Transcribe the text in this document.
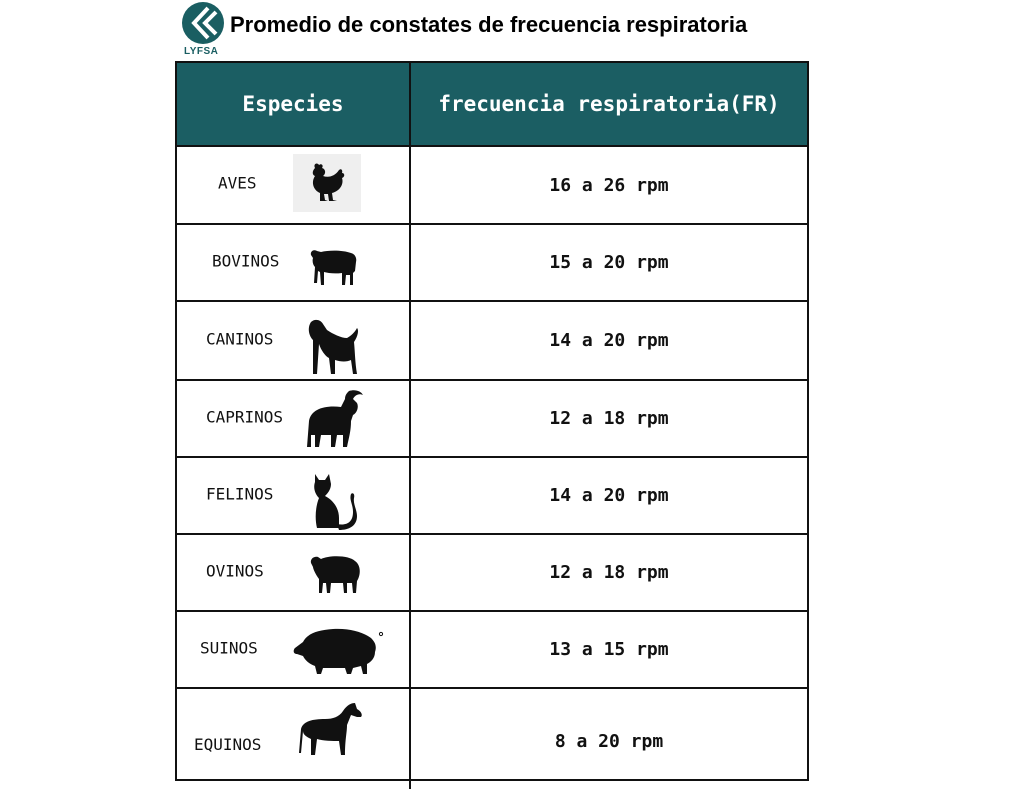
LYFSA
Promedio de constates de frecuencia respiratoria
Especies	frecuencia respiratoria(FR)
AVES	16 a 26 rpm
BOVINOS	15 a 20 rpm
CANINOS	14 a 20 rpm
CAPRINOS	12 a 18 rpm
FELINOS	14 a 20 rpm
OVINOS	12 a 18 rpm
SUINOS	13 a 15 rpm
EQUINOS	8 a 20 rpm
